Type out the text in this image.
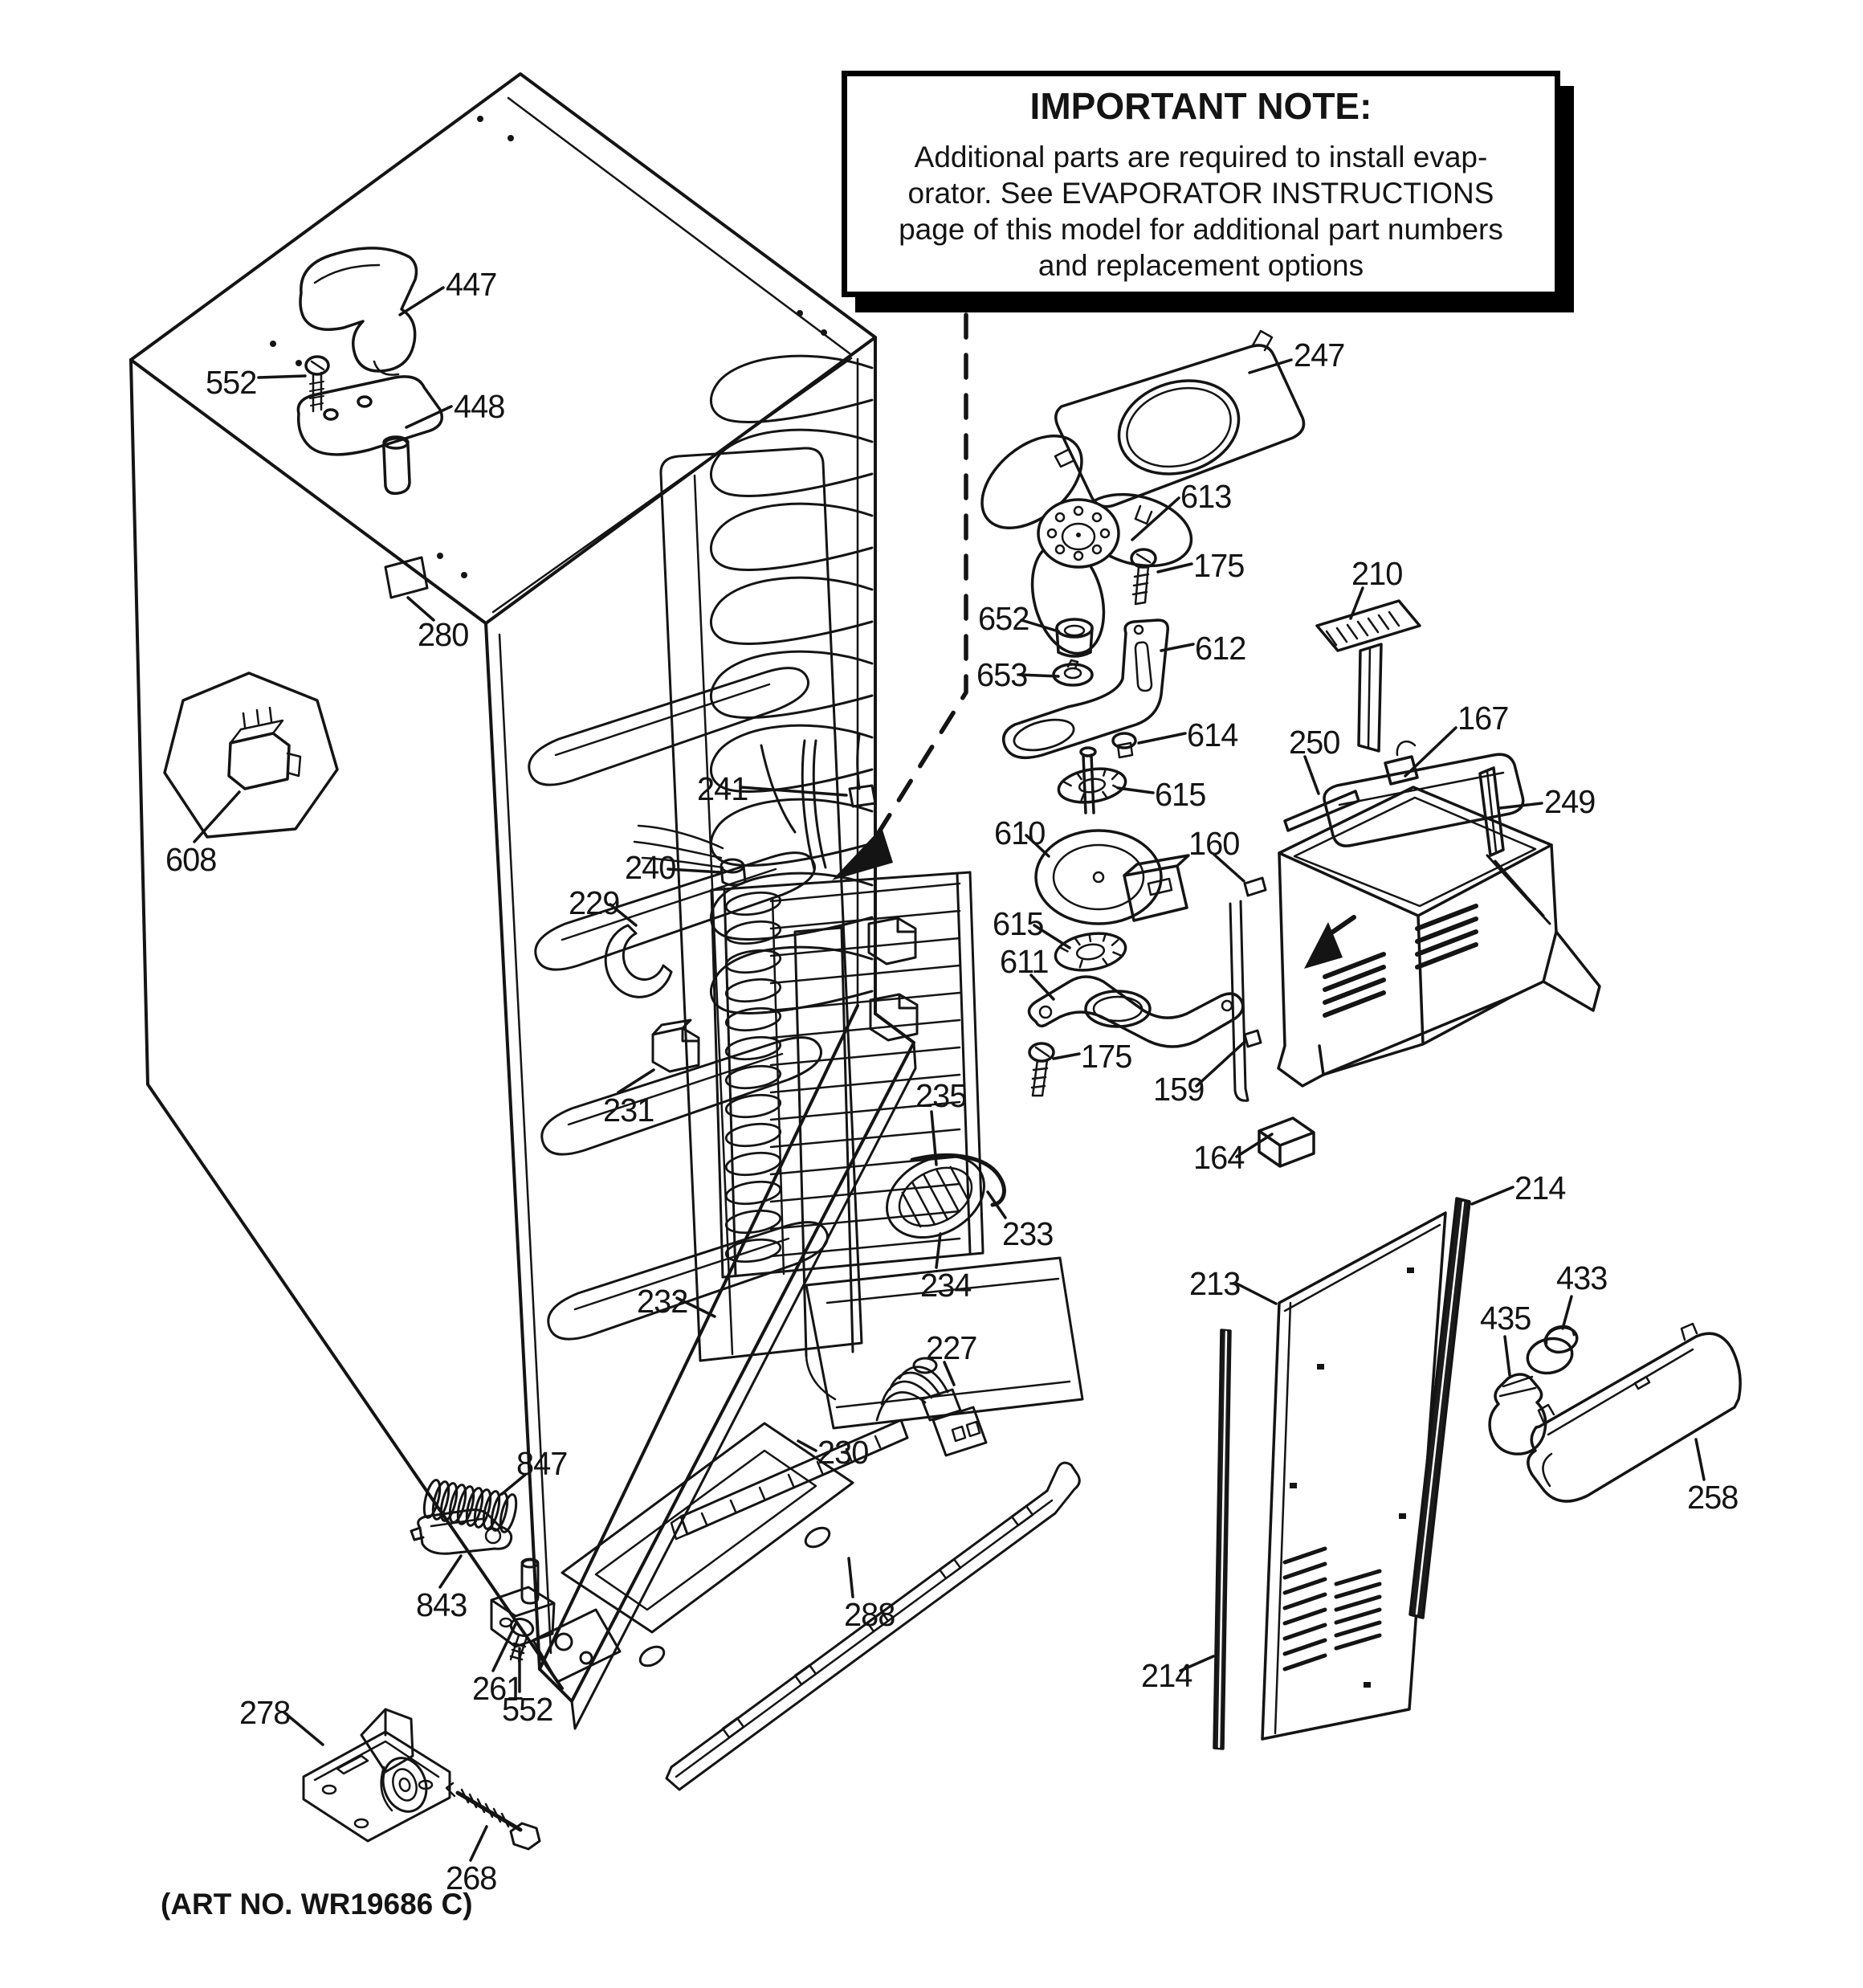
IMPORTANT NOTE:
Additional parts are required to install evap-
orator. See EVAPORATOR INSTRUCTIONS
page of this model for additional part numbers
and replacement options
447
552
448
280
608
241
240
229
231	235
233
234
232
230
227
288
847
843
261
552
278
268
247
613
175
652
653
612
614
615
610
615
611
175
160
159
164
250
210
167
249
213
214
214
433
435
258
(ART NO. WR19686 C)
